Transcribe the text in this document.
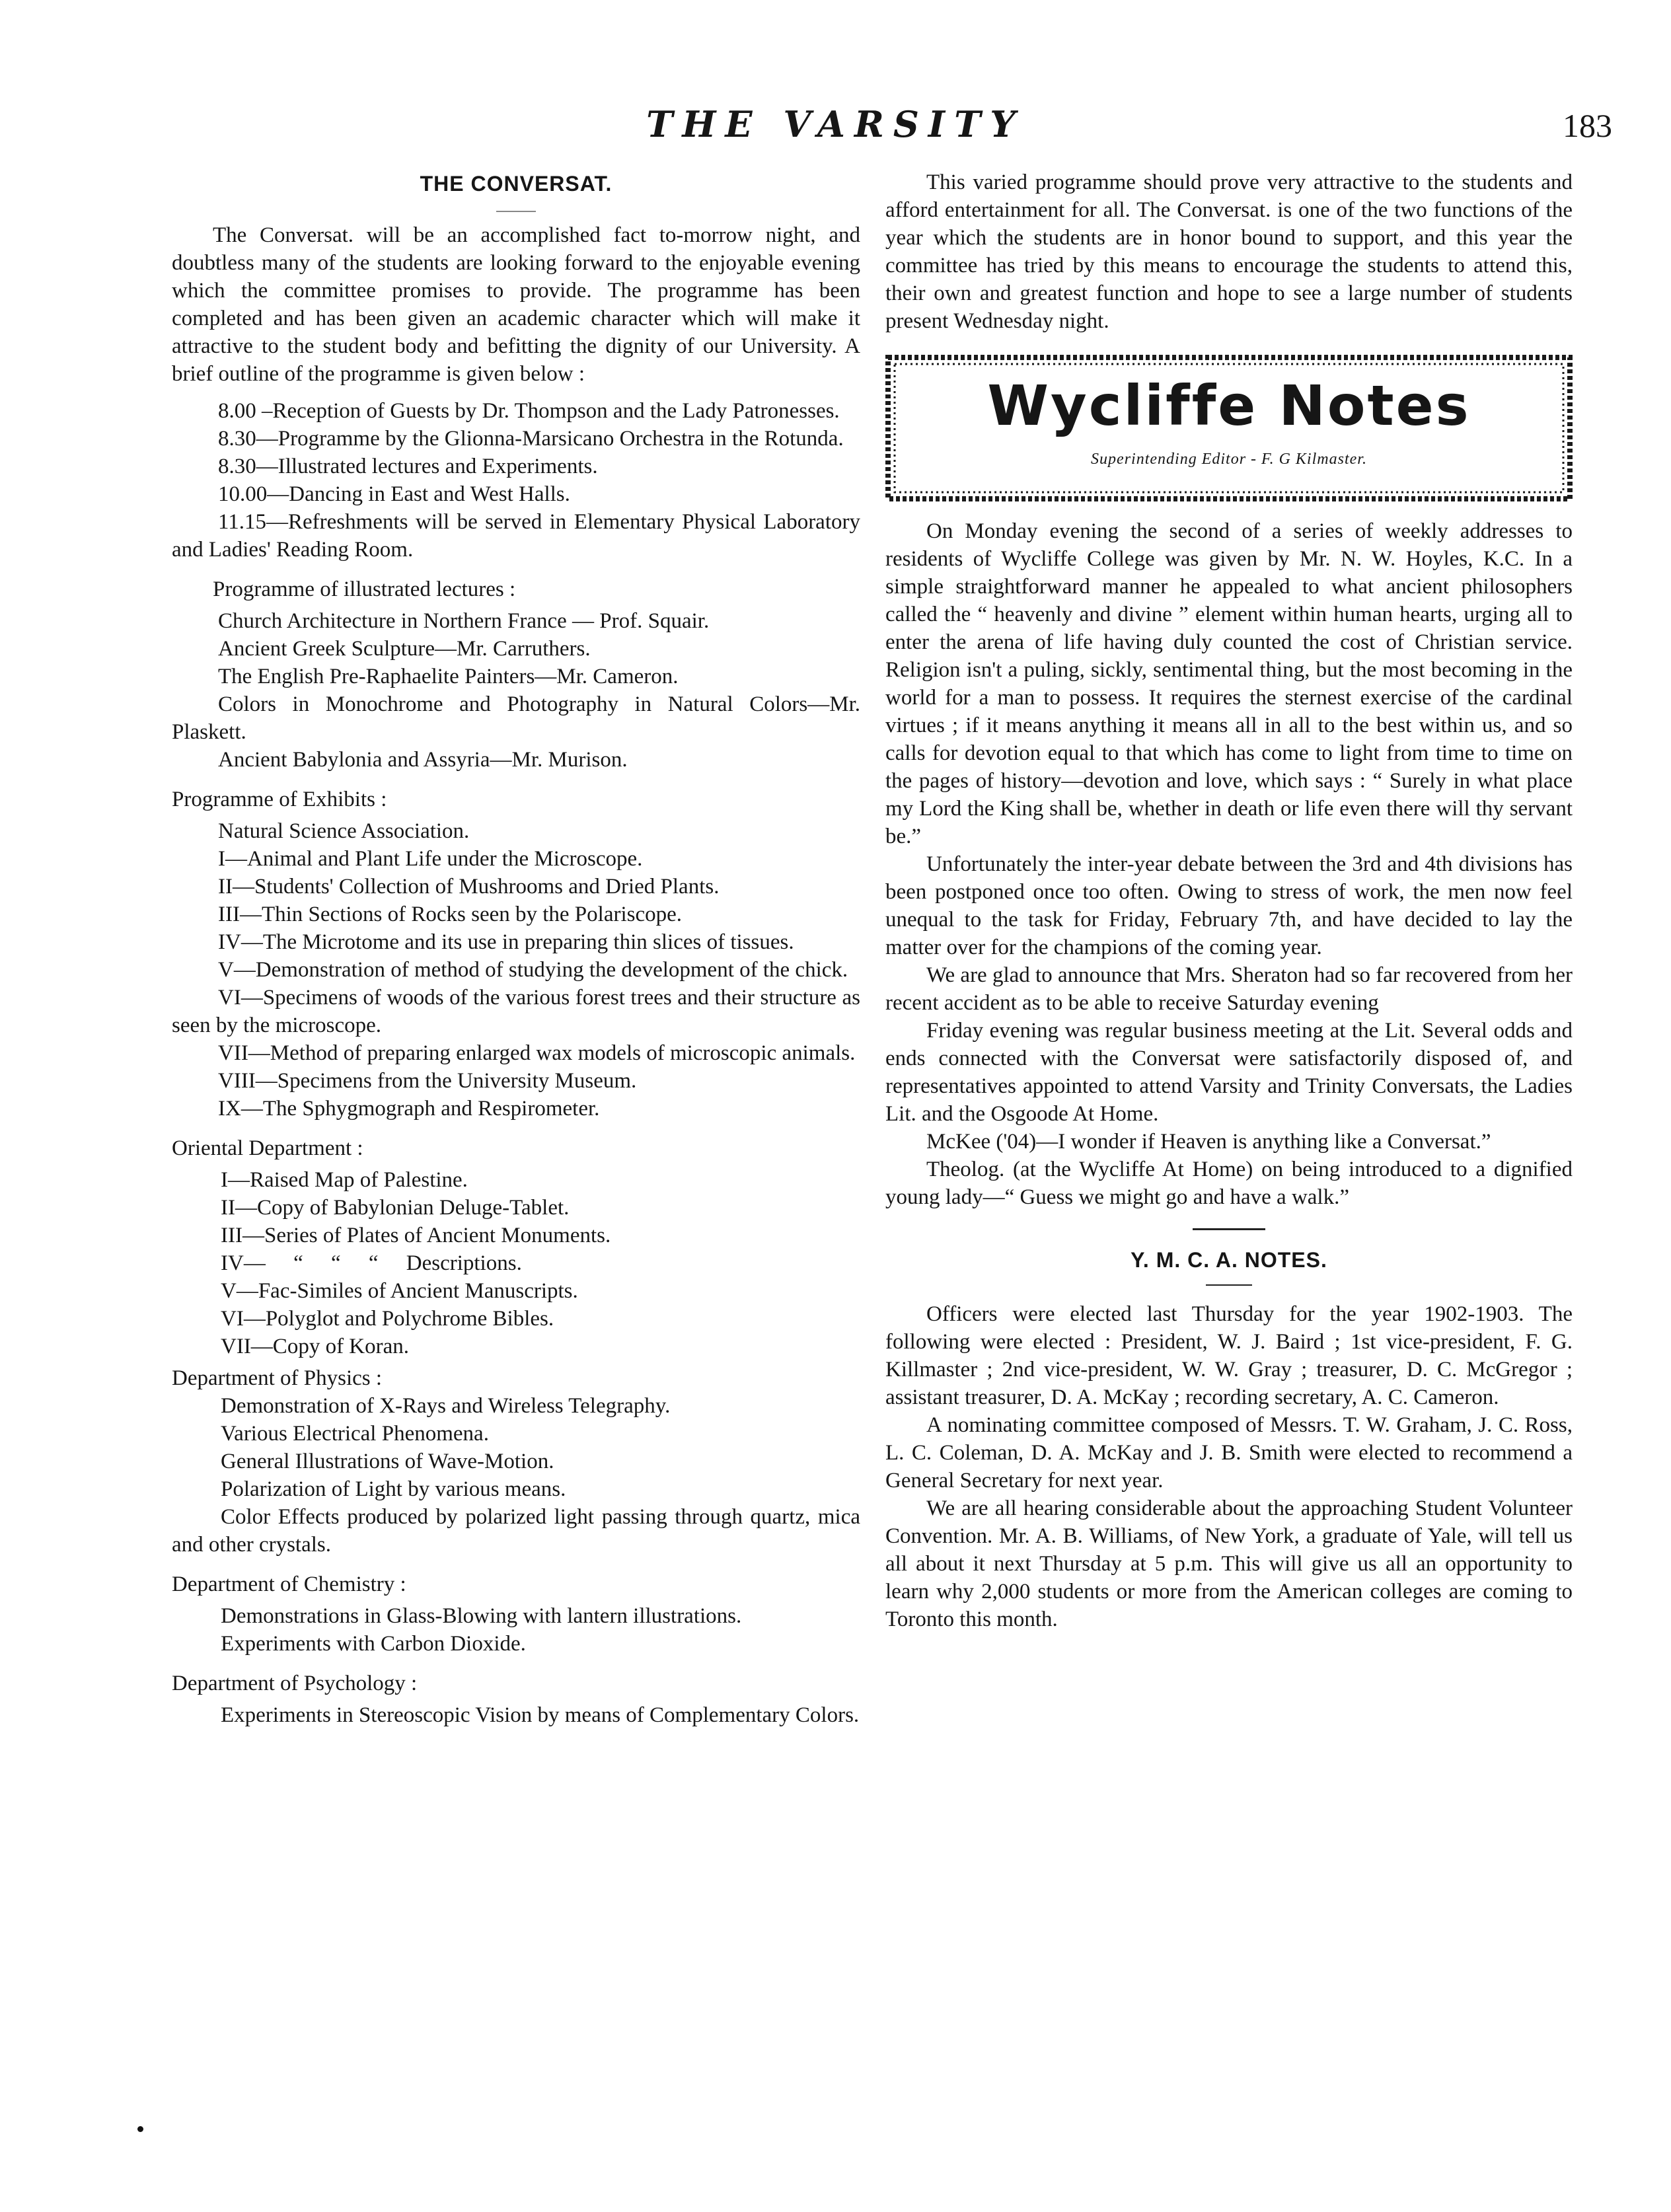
THE VARSITY	183
THE CONVERSAT.

The Conversat. will be an accomplished fact to-morrow night, and doubtless many of the students are looking forward to the enjoyable evening which the committee promises to provide. The programme has been completed and has been given an academic character which will make it attractive to the student body and befitting the dignity of our University. A brief outline of the programme is given below :

8.00 –Reception of Guests by Dr. Thompson and the Lady Patronesses.

8.30—Programme by the Glionna-Marsicano Orchestra in the Rotunda.

8.30—Illustrated lectures and Experiments.

10.00—Dancing in East and West Halls.

11.15—Refreshments will be served in Elementary Physical Laboratory and Ladies' Reading Room.

Programme of illustrated lectures :

Church Architecture in Northern France — Prof. Squair.

Ancient Greek Sculpture—Mr. Carruthers.

The English Pre-Raphaelite Painters—Mr. Cameron.

Colors in Monochrome and Photography in Natural Colors—Mr. Plaskett.

Ancient Babylonia and Assyria—Mr. Murison.

Programme of Exhibits :

Natural Science Association.

I—Animal and Plant Life under the Microscope.

II—Students' Collection of Mushrooms and Dried Plants.

III—Thin Sections of Rocks seen by the Polariscope.

IV—The Microtome and its use in preparing thin slices of tissues.

V—Demonstration of method of studying the development of the chick.

VI—Specimens of woods of the various forest trees and their structure as seen by the microscope.

VII—Method of preparing enlarged wax models of microscopic animals.

VIII—Specimens from the University Museum.

IX—The Sphygmograph and Respirometer.

Oriental Department :

I—Raised Map of Palestine.

II—Copy of Babylonian Deluge-Tablet.

III—Series of Plates of Ancient Monuments.

IV— “ “ “ Descriptions.

V—Fac-Similes of Ancient Manuscripts.

VI—Polyglot and Polychrome Bibles.

VII—Copy of Koran.

Department of Physics :

Demonstration of X-Rays and Wireless Telegraphy.

Various Electrical Phenomena.

General Illustrations of Wave-Motion.

Polarization of Light by various means.

Color Effects produced by polarized light passing through quartz, mica and other crystals.

Department of Chemistry :

Demonstrations in Glass-Blowing with lantern illustrations.

Experiments with Carbon Dioxide.

Department of Psychology :

Experiments in Stereoscopic Vision by means of Complementary Colors.

This varied programme should prove very attractive to the students and afford entertainment for all. The Conversat. is one of the two functions of the year which the students are in honor bound to support, and this year the committee has tried by this means to encourage the students to attend this, their own and greatest function and hope to see a large number of students present Wednesday night.

Wycliffe Notes
Superintending Editor - F. G Kilmaster.

On Monday evening the second of a series of weekly addresses to residents of Wycliffe College was given by Mr. N. W. Hoyles, K.C. In a simple straightforward manner he appealed to what ancient philosophers called the “ heavenly and divine ” element within human hearts, urging all to enter the arena of life having duly counted the cost of Christian service. Religion isn't a puling, sickly, sentimental thing, but the most becoming in the world for a man to possess. It requires the sternest exercise of the cardinal virtues ; if it means anything it means all in all to the best within us, and so calls for devotion equal to that which has come to light from time to time on the pages of history—devotion and love, which says : “ Surely in what place my Lord the King shall be, whether in death or life even there will thy servant be.”

Unfortunately the inter-year debate between the 3rd and 4th divisions has been postponed once too often. Owing to stress of work, the men now feel unequal to the task for Friday, February 7th, and have decided to lay the matter over for the champions of the coming year.

We are glad to announce that Mrs. Sheraton had so far recovered from her recent accident as to be able to receive Saturday evening

Friday evening was regular business meeting at the Lit. Several odds and ends connected with the Conversat were satisfactorily disposed of, and representatives appointed to attend Varsity and Trinity Conversats, the Ladies Lit. and the Osgoode At Home.

McKee ('04)—I wonder if Heaven is anything like a Conversat.”

Theolog. (at the Wycliffe At Home) on being introduced to a dignified young lady—“ Guess we might go and have a walk.”

Y. M. C. A. NOTES.

Officers were elected last Thursday for the year 1902-1903. The following were elected : President, W. J. Baird ; 1st vice-president, F. G. Killmaster ; 2nd vice-president, W. W. Gray ; treasurer, D. C. McGregor ; assistant treasurer, D. A. McKay ; recording secretary, A. C. Cameron.

A nominating committee composed of Messrs. T. W. Graham, J. C. Ross, L. C. Coleman, D. A. McKay and J. B. Smith were elected to recommend a General Secretary for next year.

We are all hearing considerable about the approaching Student Volunteer Convention. Mr. A. B. Williams, of New York, a graduate of Yale, will tell us all about it next Thursday at 5 p.m. This will give us all an opportunity to learn why 2,000 students or more from the American colleges are coming to Toronto this month.
